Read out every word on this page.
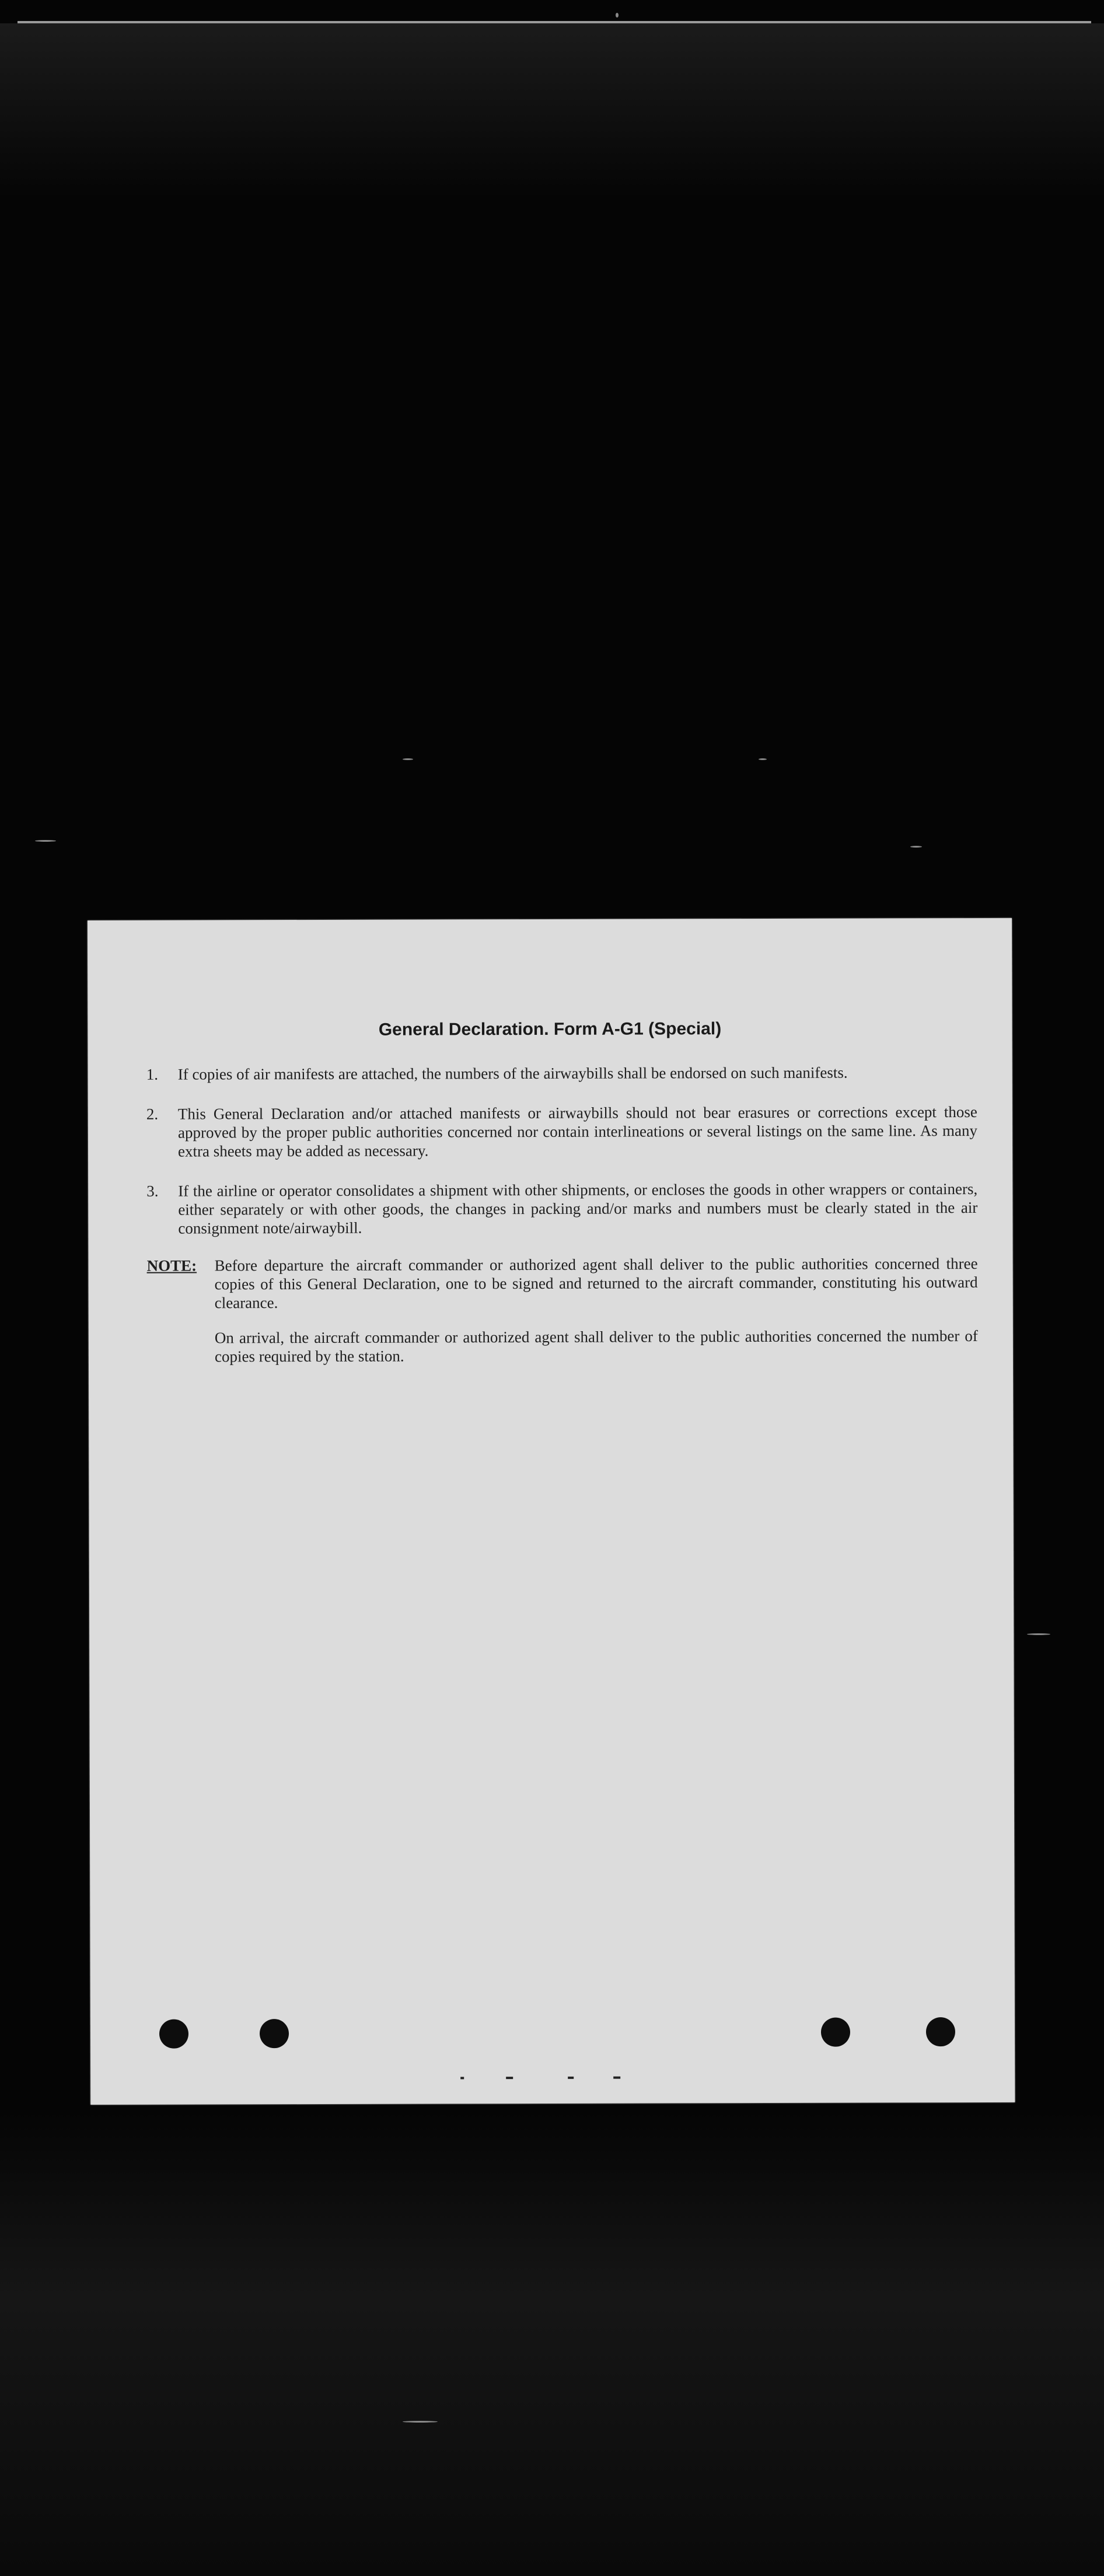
General Declaration. Form A-G1 (Special)
1.	If copies of air manifests are attached, the numbers of the airwaybills shall be endorsed on such manifests.
2.	This General Declaration and/or attached manifests or airwaybills should not bear erasures or corrections except those approved by the proper public authorities concerned nor contain interlineations or several listings on the same line. As many extra sheets may be added as necessary.
3.	If the airline or operator consolidates a shipment with other shipments, or encloses the goods in other wrappers or containers, either separately or with other goods, the changes in packing and/or marks and numbers must be clearly stated in the air consignment note/airwaybill.
NOTE:	Before departure the aircraft commander or authorized agent shall deliver to the public authorities concerned three copies of this General Declaration, one to be signed and returned to the aircraft commander, constituting his outward clearance.
On arrival, the aircraft commander or authorized agent shall deliver to the public authorities concerned the number of copies required by the station.
